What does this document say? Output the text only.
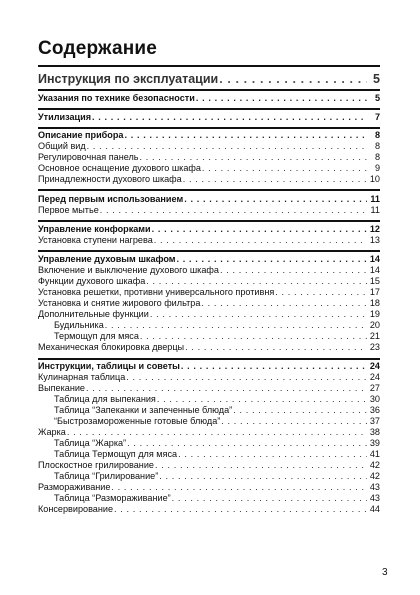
Содержание
Инструкция по эксплуатации . . .	5
Указания по технике безопасности . . .	5
Утилизация . . .	7
Описание прибора . . .	8
Общий вид . . .	8
Регулировочная панель . . .	8
Основное оснащение духового шкафа . . .	9
Принадлежности духового шкафа . . .	10
Перед первым использованием . . .	11
Первое мытье . . .	11
Управление конфорками . . .	12
Установка ступени нагрева . . .	13
Управление духовым шкафом . . .	14
Включение и выключение духового шкафа . . .	14
Функции духового шкафа . . .	15
Установка решетки, противни универсального противня . . .	17
Установка и снятие жирового фильтра . . .	18
Дополнительные функции . . .	19
Будильника . . .	20
Термощуп для мяса . . .	21
Механическая блокировка дверцы . . .	23
Инструкции, таблицы и советы . . .	24
Кулинарная таблица . . .	24
Выпекание . . .	27
Таблица для выпекания . . .	30
Таблица “Запеканки и запеченные блюда” . . .	36
“Быстрозамороженные готовые блюда” . . .	37
Жарка . . .	38
Таблица “Жарка” . . .	39
Таблица Термощуп для мяса . . .	41
Плоскостное грилирование . . .	42
Таблица “Грилирование” . . .	42
Размораживание . . .	43
Таблица “Размораживание” . . .	43
Консервирование . . .	44
3
